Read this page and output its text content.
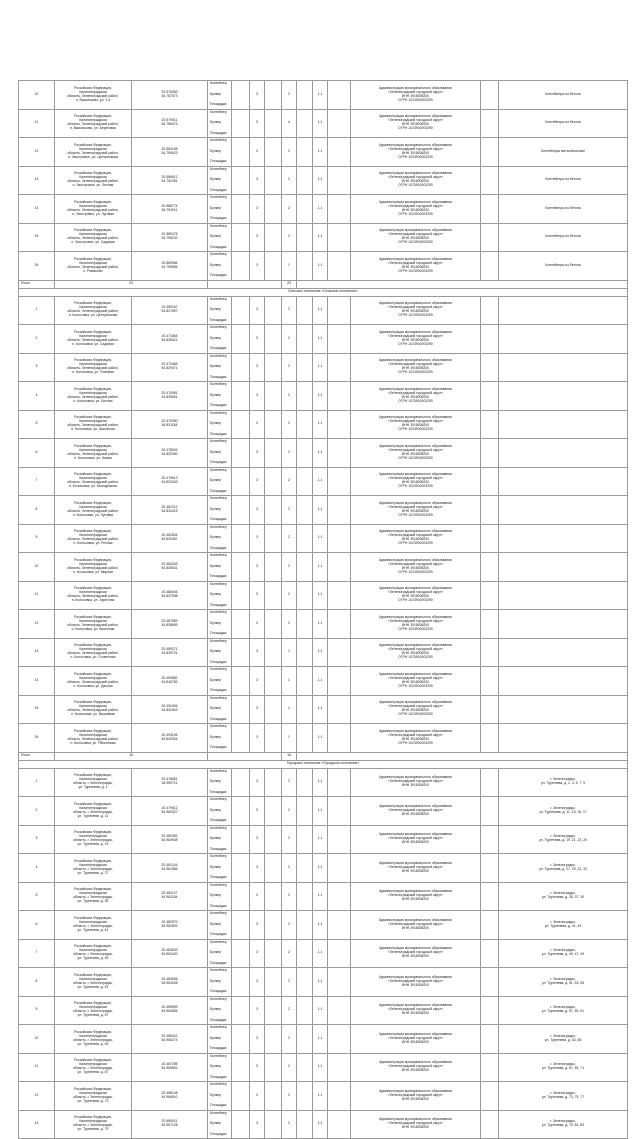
10	Российская Федерация,
Калининградская
область, Зеленоградский район,
п. Васильково, ул. 1-я	20.576083
54.787573	Контейнер
Бункер
Площадка		3		2		1,1		Администрация муниципального образования
«Зеленоградский городской округ»
ИНН 3918008200
ОГРН 1023902003290		Контейнеры из бетона
11	Российская Федерация,
Калининградская
область, Зеленоградский район,
п. Васильково, ул. Береговая	20.579011
54.785473	Контейнер
Бункер
Площадка		3		4		1,1		Администрация муниципального образования
«Зеленоградский городской округ»
ИНН 3918008200
ОГРН 1023902003290		Контейнеры из бетона
12	Российская Федерация,
Калининградская
область, Зеленоградский район,
п. Заостровье, ул. Центральная	20.584198
54.790623	Контейнер
Бункер
Площадка		3		2		1,1		Администрация муниципального образования
«Зеленоградский городской округ»
ИНН 3918008200
ОГРН 1023902003290		Контейнеры металлические
13	Российская Федерация,
Калининградская
область, Зеленоградский район,
п. Заостровье, ул. Лесная	20.586512
54.792281	Контейнер
Бункер
Площадка		3		2		1,1		Администрация муниципального образования
«Зеленоградский городской округ»
ИНН 3918008200
ОГРН 1023902003290		Контейнеры из бетона
14	Российская Федерация,
Калининградская
область, Зеленоградский район,
п. Заостровье, ул. Луговая	20.588774
54.794011	Контейнер
Бункер
Площадка		3		2		1,1		Администрация муниципального образования
«Зеленоградский городской округ»
ИНН 3918008200
ОГРН 1023902003290		Контейнеры из бетона
15	Российская Федерация,
Калининградская
область, Зеленоградский район,
п. Заостровье, ул. Садовая	20.589475
54.795232	Контейнер
Бункер
Площадка		3		2		1,1		Администрация муниципального образования
«Зеленоградский городской округ»
ИНН 3918008200
ОГРН 1023902003290		Контейнеры из бетона
16	Российская Федерация,
Калининградская
область, Зеленоградский район,
п. Романово	20.589984
54.795556	Контейнер
Бункер
Площадка		3		1		1,1		Администрация муниципального образования
«Зеленоградский городской округ»
ИНН 3918008200
ОГРН 1023902003290		Контейнеры из бетона
Итого	23						23						
Сельское поселение «Сельское поселение»													
1	Российская Федерация,
Калининградская
область, Зеленоградский район,
п. Колосовка, ул. Центральная	20.469110
54.827697	Контейнер
Бункер
Площадка		3		2		1,1		Администрация муниципального образования
«Зеленоградский городской округ»
ИНН 3918008200
ОГРН 1023902003290		
2	Российская Федерация,
Калининградская
область, Зеленоградский район,
п. Колосовка, ул. Садовая	20.471864
54.828421	Контейнер
Бункер
Площадка		3		2		1,1		Администрация муниципального образования
«Зеленоградский городской округ»
ИНН 3918008200
ОГРН 1023902003290		
3	Российская Федерация,
Калининградская
область, Зеленоградский район,
п. Колосовка, ул. Полевая	20.473465
54.829471	Контейнер
Бункер
Площадка		3		2		1,1		Администрация муниципального образования
«Зеленоградский городской округ»
ИНН 3918008200
ОГРН 1023902003290		
4	Российская Федерация,
Калининградская
область, Зеленоградский район,
п. Колосовка, ул. Лесная	20.475081
54.830551	Контейнер
Бункер
Площадка		3		2		1,1		Администрация муниципального образования
«Зеленоградский городской округ»
ИНН 3918008200
ОГРН 1023902003290		
5	Российская Федерация,
Калининградская
область, Зеленоградский район,
п. Колосовка, ул. Школьная	20.476390
54.831184	Контейнер
Бункер
Площадка		3		2		1,1		Администрация муниципального образования
«Зеленоградский городской округ»
ИНН 3918008200
ОГРН 1023902003290		
6	Российская Федерация,
Калининградская
область, Зеленоградский район,
п. Колосовка, ул. Новая	20.478002
54.832260	Контейнер
Бункер
Площадка		3		2		1,1		Администрация муниципального образования
«Зеленоградский городской округ»
ИНН 3918008200
ОГРН 1023902003290		
7	Российская Федерация,
Калининградская
область, Зеленоградский район,
п. Колосовка, ул. Молодёжная	20.479613
54.833349	Контейнер
Бункер
Площадка		3		2		1,1		Администрация муниципального образования
«Зеленоградский городской округ»
ИНН 3918008200
ОГРН 1023902003290		
8	Российская Федерация,
Калининградская
область, Зеленоградский район,
п. Колосовка, ул. Луговая	20.481212
54.834415	Контейнер
Бункер
Площадка		3		2		1,1		Администрация муниципального образования
«Зеленоградский городской округ»
ИНН 3918008200
ОГРН 1023902003290		
9	Российская Федерация,
Калининградская
область, Зеленоградский район,
п. Колосовка, ул. Речная	20.482834
54.835467	Контейнер
Бункер
Площадка		3		2		1,1		Администрация муниципального образования
«Зеленоградский городской округ»
ИНН 3918008200
ОГРН 1023902003290		
10	Российская Федерация,
Калининградская
область, Зеленоградский район,
п. Колосовка, ул. Мирная	20.484433
54.836531	Контейнер
Бункер
Площадка		3		2		1,1		Администрация муниципального образования
«Зеленоградский городской округ»
ИНН 3918008200
ОГРН 1023902003290		
11	Российская Федерация,
Калининградская
область, Зеленоградский район,
п. Колосовка, ул. Заречная	20.486046
54.837598	Контейнер
Бункер
Площадка		3		2		1,1		Администрация муниципального образования
«Зеленоградский городской округ»
ИНН 3918008200
ОГРН 1023902003290		
12	Российская Федерация,
Калининградская
область, Зеленоградский район,
п. Колосовка, ул. Весенняя	20.487659
54.838659	Контейнер
Бункер
Площадка		3		2		1,1		Администрация муниципального образования
«Зеленоградский городской округ»
ИНН 3918008200
ОГРН 1023902003290		
13	Российская Федерация,
Калининградская
область, Зеленоградский район,
п. Колосовка, ул. Солнечная	20.489271
54.839721	Контейнер
Бункер
Площадка		3		1		1,1		Администрация муниципального образования
«Зеленоградский городской округ»
ИНН 3918008200
ОГРН 1023902003290		
14	Российская Федерация,
Калининградская
область, Зеленоградский район,
п. Колосовка, ул. Дачная	20.490882
54.840782	Контейнер
Бункер
Площадка		3		1		1,1		Администрация муниципального образования
«Зеленоградский городской округ»
ИНН 3918008200
ОГРН 1023902003290		
15	Российская Федерация,
Калининградская
область, Зеленоградский район,
п. Колосовка, ул. Вишнёвая	20.492494
54.841843	Контейнер
Бункер
Площадка		3		1		1,1		Администрация муниципального образования
«Зеленоградский городской округ»
ИНН 3918008200
ОГРН 1023902003290		
16	Российская Федерация,
Калининградская
область, Зеленоградский район,
п. Колосовка, ул. Яблоневая	20.494105
54.842904	Контейнер
Бункер
Площадка		3		1		1,1		Администрация муниципального образования
«Зеленоградский городской округ»
ИНН 3918008200
ОГРН 1023902003290		
Итого	16						16						
Городское поселение «Городское поселение»													
1	Российская Федерация,
Калининградская
область, г. Зеленоградск,
ул. Тургенева, д. 1	20.478651
54.959711	Контейнер
Бункер
Площадка		3		2		1,1		Администрация муниципального образования
«Зеленоградский городской округ»
ИНН 3918008200		г. Зеленоградск,
ул. Тургенева, д. 1, 3, 5, 7, 9
2	Российская Федерация,
Калининградская
область, г. Зеленоградск,
ул. Тургенева, д. 11	20.479512
54.960327	Контейнер
Бункер
Площадка		3		2		1,1		Администрация муниципального образования
«Зеленоградский городской округ»
ИНН 3918008200		г. Зеленоградск,
ул. Тургенева, д. 11, 13, 15, 17
3	Российская Федерация,
Калининградская
область, г. Зеленоградск,
ул. Тургенева, д. 19	20.480381
54.960948	Контейнер
Бункер
Площадка		3		2		1,1		Администрация муниципального образования
«Зеленоградский городской округ»
ИНН 3918008200		г. Зеленоградск,
ул. Тургенева, д. 19, 21, 23, 25
4	Российская Федерация,
Калининградская
область, г. Зеленоградск,
ул. Тургенева, д. 27	20.481244
54.961566	Контейнер
Бункер
Площадка		3		2		1,1		Администрация муниципального образования
«Зеленоградский городской округ»
ИНН 3918008200		г. Зеленоградск,
ул. Тургенева, д. 27, 29, 31, 33
5	Российская Федерация,
Калининградская
область, г. Зеленоградск,
ул. Тургенева, д. 35	20.482107
54.962184	Контейнер
Бункер
Площадка		3		2		1,1		Администрация муниципального образования
«Зеленоградский городской округ»
ИНН 3918008200		г. Зеленоградск,
ул. Тургенева, д. 35, 37, 39
6	Российская Федерация,
Калининградская
область, г. Зеленоградск,
ул. Тургенева, д. 41	20.482970
54.962802	Контейнер
Бункер
Площадка		3		2		1,1		Администрация муниципального образования
«Зеленоградский городской округ»
ИНН 3918008200		г. Зеленоградск,
ул. Тургенева, д. 41, 43
7	Российская Федерация,
Калининградская
область, г. Зеленоградск,
ул. Тургенева, д. 45	20.483833
54.963420	Контейнер
Бункер
Площадка		3		2		1,1		Администрация муниципального образования
«Зеленоградский городской округ»
ИНН 3918008200		г. Зеленоградск,
ул. Тургенева, д. 45, 47, 49
8	Российская Федерация,
Калининградская
область, г. Зеленоградск,
ул. Тургенева, д. 51	20.484696
54.964038	Контейнер
Бункер
Площадка		3		2		1,1		Администрация муниципального образования
«Зеленоградский городской округ»
ИНН 3918008200		г. Зеленоградск,
ул. Тургенева, д. 51, 53, 55
9	Российская Федерация,
Калининградская
область, г. Зеленоградск,
ул. Тургенева, д. 57	20.485559
54.964656	Контейнер
Бункер
Площадка		3		2		1,1		Администрация муниципального образования
«Зеленоградский городской округ»
ИНН 3918008200		г. Зеленоградск,
ул. Тургенева, д. 57, 59, 61
10	Российская Федерация,
Калининградская
область, г. Зеленоградск,
ул. Тургенева, д. 63	20.486422
54.965274	Контейнер
Бункер
Площадка		3		2		1,1		Администрация муниципального образования
«Зеленоградский городской округ»
ИНН 3918008200		г. Зеленоградск,
ул. Тургенева, д. 63, 65
11	Российская Федерация,
Калининградская
область, г. Зеленоградск,
ул. Тургенева, д. 67	20.487285
54.965892	Контейнер
Бункер
Площадка		3		2		1,1		Администрация муниципального образования
«Зеленоградский городской округ»
ИНН 3918008200		г. Зеленоградск,
ул. Тургенева, д. 67, 69, 71
12	Российская Федерация,
Калининградская
область, г. Зеленоградск,
ул. Тургенева, д. 73	20.488148
54.966510	Контейнер
Бункер
Площадка		3		2		1,1		Администрация муниципального образования
«Зеленоградский городской округ»
ИНН 3918008200		г. Зеленоградск,
ул. Тургенева, д. 73, 75, 77
13	Российская Федерация,
Калининградская
область, г. Зеленоградск,
ул. Тургенева, д. 79	20.489011
54.967128	Контейнер
Бункер
Площадка		3		2		1,1		Администрация муниципального образования
«Зеленоградский городской округ»
ИНН 3918008200		г. Зеленоградск,
ул. Тургенева, д. 79, 81, 83
